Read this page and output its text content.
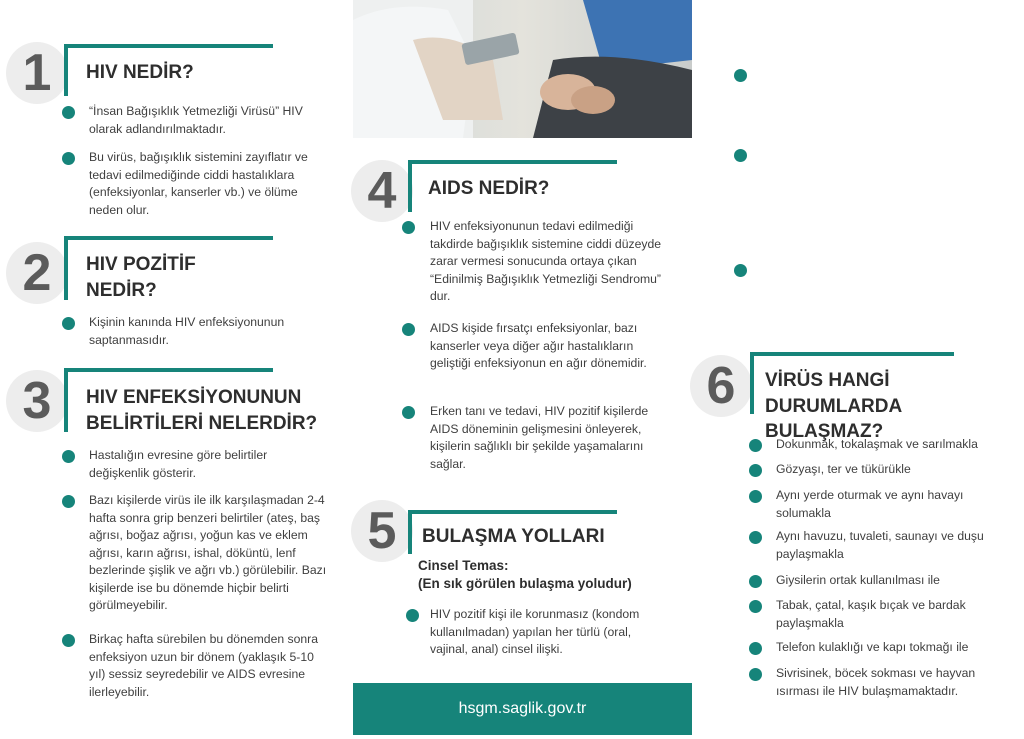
1	HIV NEDİR?
“İnsan Bağışıklık Yetmezliği Virüsü” HIV olarak adlandırılmaktadır.
Bu virüs, bağışıklık sistemini zayıflatır ve tedavi edilmediğinde ciddi hastalıklara (enfeksiyonlar, kanserler vb.) ve ölüme neden olur.
2	HIV POZİTİF
NEDİR?
Kişinin kanında HIV enfeksiyonunun saptanmasıdır.
3	HIV ENFEKSİYONUNUN
BELİRTİLERİ NELERDİR?
Hastalığın evresine göre belirtiler değişkenlik gösterir.
Bazı kişilerde virüs ile ilk karşılaşmadan 2-4 hafta sonra grip benzeri belirtiler (ateş, baş ağrısı, boğaz ağrısı, yoğun kas ve eklem ağrısı, karın ağrısı, ishal, döküntü, lenf bezlerinde şişlik ve ağrı vb.) görülebilir. Bazı kişilerde ise bu dönemde hiçbir belirti görülmeyebilir.
Birkaç hafta sürebilen bu dönemden sonra enfeksiyon uzun bir dönem (yaklaşık 5-10 yıl) sessiz seyredebilir ve AIDS evresine ilerleyebilir.
4	AIDS NEDİR?
HIV enfeksiyonunun tedavi edilmediği takdirde bağışıklık sistemine ciddi düzeyde zarar vermesi sonucunda ortaya çıkan “Edinilmiş Bağışıklık Yetmezliği Sendromu” dur.
AIDS kişide fırsatçı enfeksiyonlar, bazı kanserler veya diğer ağır hastalıkların geliştiği enfeksiyonun en ağır dönemidir.
Erken tanı ve tedavi, HIV pozitif kişilerde AIDS döneminin gelişmesini önleyerek, kişilerin sağlıklı bir şekilde yaşamalarını sağlar.
5	BULAŞMA YOLLARI
Cinsel Temas:
(En sık görülen bulaşma yoludur)
HIV pozitif kişi ile korunmasız (kondom kullanılmadan) yapılan her türlü (oral, vajinal, anal) cinsel ilişki.
hsgm.saglik.gov.tr
6	VİRÜS HANGİ
DURUMLARDA BULAŞMAZ?
Dokunmak, tokalaşmak ve sarılmakla
Gözyaşı, ter ve tükürükle
Aynı yerde oturmak ve aynı havayı solumakla
Aynı havuzu, tuvaleti, saunayı ve duşu paylaşmakla
Giysilerin ortak kullanılması ile
Tabak, çatal, kaşık bıçak ve bardak paylaşmakla
Telefon kulaklığı ve kapı tokmağı ile
Sivrisinek, böcek sokması ve hayvan ısırması ile HIV bulaşmamaktadır.
